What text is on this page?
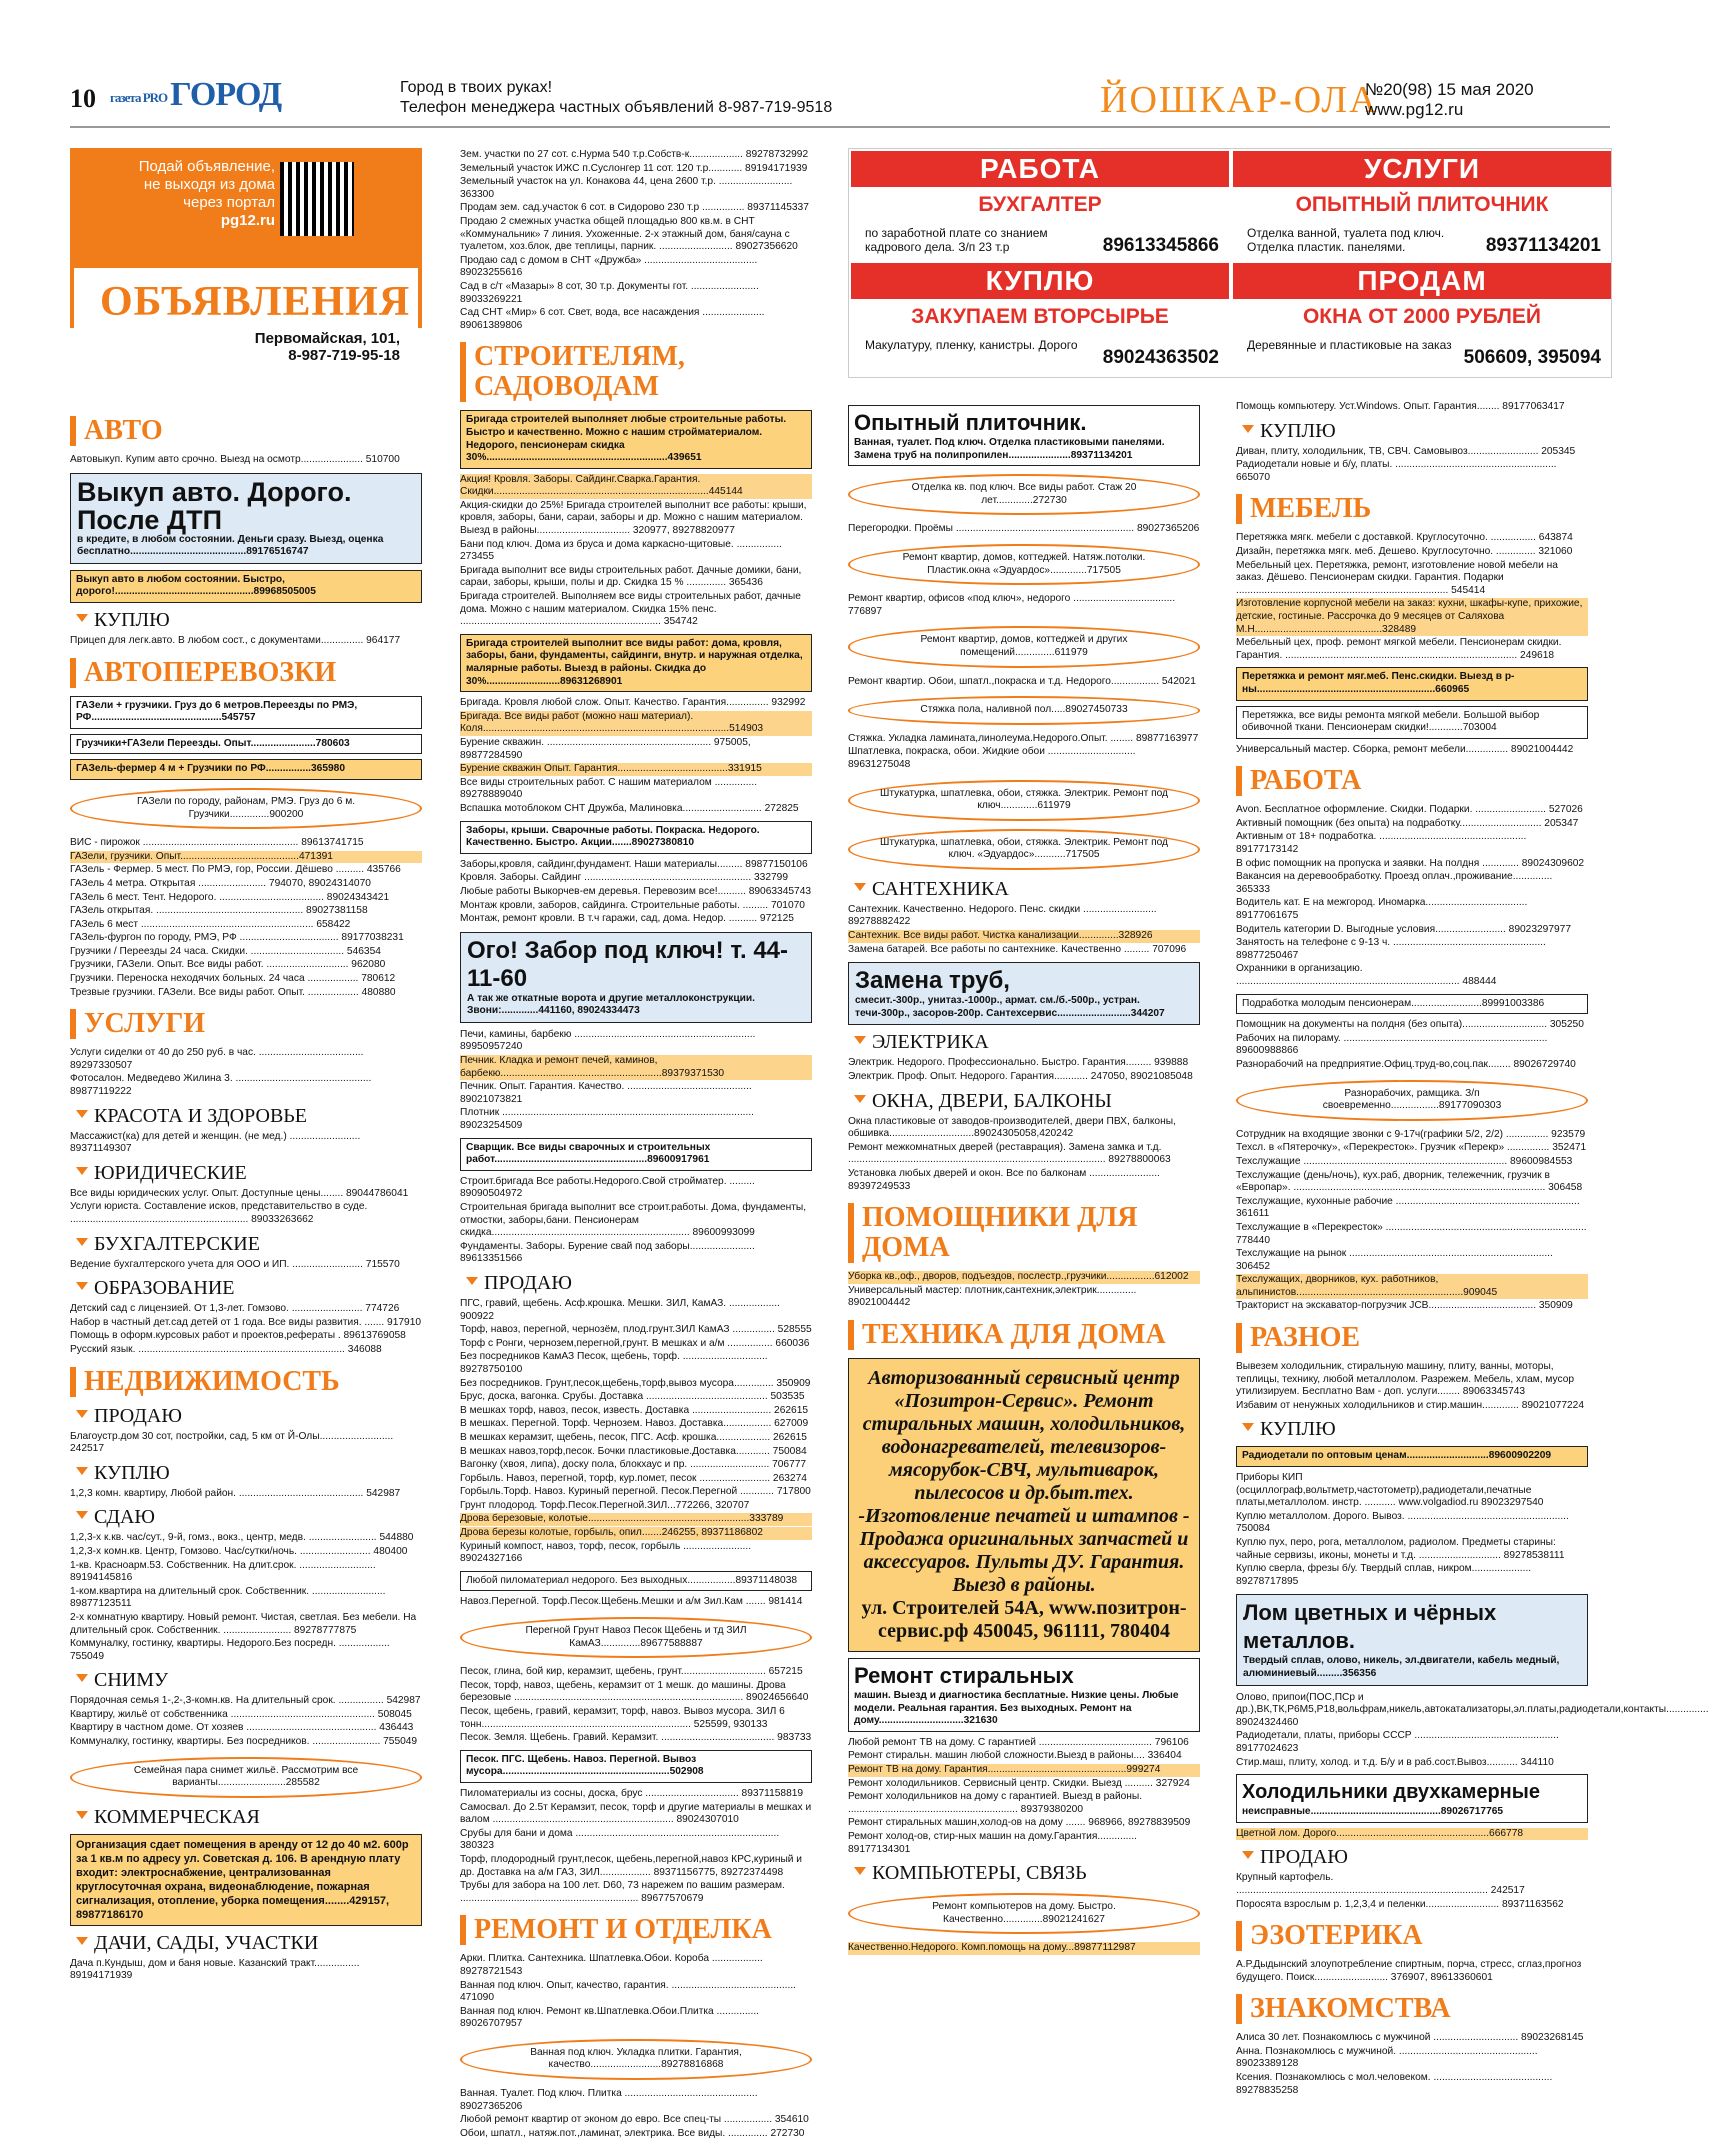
10 газета PROГОРОД	Город в твоих руках!
Телефон менеджера частных объявлений 8-987-719-9518	ЙОШКАР-ОЛА
№20(98) 15 мая 2020
www.pg12.ru
Подай объявление,
не выходя из дома
через портал
pg12.ru
ОБЪЯВЛЕНИЯ
Первомайская, 101,
8-987-719-95-18
АВТО
Автовыкуп. Купим авто срочно. Выезд на осмотр...................... 510700
Выкуп авто. Дорого. После ДТП
в кредите, в любом состоянии. Деньги сразу. Выезд, оценка бесплатно.........................................89176516747
Выкуп авто в любом состоянии. Быстро, дорого!.................................................89968505005
КУПЛЮ
Прицеп для легк.авто. В любом сост., с документами............... 964177
АВТОПЕРЕВОЗКИ
ГАЗели + грузчики. Груз до 6 метров.Переезды по РМЭ, РФ..............................................545757
Грузчики+ГАЗели Переезды. Опыт.......................780603
ГАЗель-фермер 4 м + Грузчики по РФ................365980
ГАЗели по городу, районам, РМЭ. Груз до 6 м. Грузчики..............900200
ВИС - пирожок ....................................................... 89613741715
ГАЗели, грузчики. Опыт..........................................471391
ГАЗель - Фермер. 5 мест. По РМЭ, гор, России. Дёшево .......... 435766
ГАЗель 4 метра. Открытая ........................ 794070, 89024314070
ГАЗель 6 мест. Тент. Недорого. ..................................... 89024343421
ГАЗель открытая. .................................................... 89027381158
ГАЗель 6 мест ............................................................. 658422
ГАЗель-фургон по городу, РМЭ, РФ ................................... 89177038231
Грузчики / Переезды 24 часа. Скидки. ................................. 546354
Грузчики, ГАЗели. Опыт. Все виды работ. ............................. 962080
Грузчики. Переноска неходячих больных. 24 часа .................. 780612
Трезвые грузчики. ГАЗели. Все виды работ. Опыт. .................. 480880
УСЛУГИ
Услуги сиделки от 40 до 250 руб. в час. ..................................... 89297330507
Фотосалон. Медведево Жилина 3. ................................................ 89877119222
КРАСОТА И ЗДОРОВЬЕ
Массажист(ка) для детей и женщин. (не мед.) ......................... 89371149307
ЮРИДИЧЕСКИЕ
Все виды юридических услуг. Опыт. Доступные цены........ 89044786041
Услуги юриста. Составление исков, представительство в суде. ............................................................... 89033263662
БУХГАЛТЕРСКИЕ
Ведение бухгалтерского учета для ООО и ИП. ......................... 715570
ОБРАЗОВАНИЕ
Детский сад с лицензией. От 1,3-лет. Гомзово. ......................... 774726
Набор в частный дет.сад детей от 1 года. Все виды развития. ....... 917910
Помощь в оформ.курсовых работ и проектов,рефераты . 89613769058
Русский язык. ......................................................................... 346088
НЕДВИЖИМОСТЬ
ПРОДАЮ
Благоустр.дом 30 сот, постройки, сад, 5 км от Й-Олы.......................... 242517
КУПЛЮ
1,2,3 комн. квартиру, Любой район. ............................................ 542987
СДАЮ
1,2,3-х к.кв. час/сут., 9-й, гомз., вокз., центр, медв. ........................ 544880
1,2,3-х комн.кв. Центр, Гомзово. Час/сутки/ночь. ......................... 480400
1-кв. Красноарм.53. Собственник. На длит.срок. ........................... 89194145816
1-ком.квартира на длительный срок. Собственник. .......................... 89877123511
2-х комнатную квартиру. Новый ремонт. Чистая, светлая. Без мебели. На длительный срок. Собственник. ........................ 89278777875
Коммуналку, гостинку, квартиры. Недорого.Без посредн. .................. 755049
СНИМУ
Порядочная семья 1-,2-,3-комн.кв. На длительный срок. ................ 542987
Квартиру, жильё от собственника ................................................... 508045
Квартиру в частном доме. От хозяев .............................................. 436443
Коммуналку, гостинку, квартиры. Без посредников. ........................ 755049
Семейная пара снимет жильё. Рассмотрим все варианты........................285582
КОММЕРЧЕСКАЯ
Организация сдает помещения в аренду от 12 до 40 м2. 600р за 1 кв.м по адресу ул. Советская д. 106. В арендную плату входит: электроснабжение, централизованная круглосуточная охрана, видеонаблюдение, пожарная сигнализация, отопление, уборка помещения........429157, 89877186170
ДАЧИ, САДЫ, УЧАСТКИ
Дача п.Кундыш, дом и баня новые. Казанский тракт................ 89194171939
Зем. участки по 27 сот. с.Нурма 540 т.р.Собств-к................... 89278732992
Земельный участок ИЖС п.Суслонгер 11 сот. 120 т.р............ 89194171939
Земельный участок на ул. Конакова 44, цена 2600 т.р. .......................... 363300
Продам зем. сад.участок 6 сот. в Сидорово 230 т.р ............... 89371145337
Продаю 2 смежных участка общей площадью 800 кв.м. в СНТ «Коммунальник» 7 линия. Ухоженные. 2-х этажный дом, баня/сауна с туалетом, хоз.блок, две теплицы, парник. .......................... 89027356620
Продаю сад с домом в СНТ «Дружба» ........................................ 89023255616
Сад в с/т «Мазары» 8 сот, 30 т.р. Документы гот. ........................ 89033269221
Сад СНТ «Мир» 6 сот. Свет, вода, все насаждения ...................... 89061389806
СТРОИТЕЛЯМ, САДОВОДАМ
Бригада строителей выполняет любые строительные работы. Быстро и качественно. Можно с нашим стройматериалом. Недорого, пенсионерам скидка 30%................................................................439651
Акция! Кровля. Заборы. Сайдинг.Сварка.Гарантия. Скидки............................................................................445144
Акция-скидки до 25%! Бригада строителей выполнит все работы: крыши, кровля, заборы, бани, сараи, заборы и др. Можно с нашим материалом. Выезд в районы................................. 320977, 89278820977
Бани под ключ. Дома из бруса и дома каркасно-щитовые. ................ 273455
Бригада выполнит все виды строительных работ. Дачные домики, бани, сараи, заборы, крыши, полы и др. Скидка 15 % .............. 365436
Бригада строителей. Выполняем все виды строительных работ, дачные дома. Можно с нашим материалом. Скидка 15% пенс. ....................................................................... 354742
Бригада строителей выполнит все виды работ: дома, кровля, заборы, бани, фундаменты, сайдинги, внутр. и наружная отделка, малярные работы. Выезд в районы. Скидка до 30%..........................89631268901
Бригада. Кровля любой слож. Опыт. Качество. Гарантия............... 932992
Бригада. Все виды работ (можно наш материал). Коля.......................................................................................514903
Бурение скважин. .......................................................... 975005, 89877284590
Бурение скважин Опыт. Гарантия.......................................331915
Все виды строительных работ. С нашим материалом ............... 89278889040
Вспашка мотоблоком СНТ Дружба, Малиновка............................ 272825
Заборы, крыши. Сварочные работы. Покраска. Недорого. Качественно. Быстро. Акции.......89027380810
Заборы,кровля, сайдинг,фундамент. Наши материалы......... 89877150106
Кровля. Заборы. Сайдинг ........................................................... 332799
Любые работы Выкорчев-ем деревья. Перевозим все!.......... 89063345743
Монтаж кровли, заборов, сайдинга. Строительные работы. ......... 701070
Монтаж, ремонт кровли. В т.ч гаражи, сад, дома. Недор. .......... 972125
Ого! Забор под ключ! т. 44-11-60
А так же откатные ворота и другие металлоконструкции. Звони:.............441160, 89024334473
Печи, камины, барбекю ................................................................ 89950957240
Печник. Кладка и ремонт печей, каминов, барбекю.........................................................89379371530
Печник. Опыт. Гарантия. Качество. ............................................ 89021073821
Плотник ......................................................................................... 89023254509
Сварщик. Все виды сварочных и строительных работ......................................................89600917961
Строит.бригада Все работы.Недорого.Свой стройматер. ......... 89090504972
Строительная бригада выполнит все строит.работы. Дома, фундаменты, отмостки, заборы,бани. Пенсионерам скидка...................................................................... 89600993099
Фундаменты. Заборы. Бурение свай под заборы....................... 89613351566
ПРОДАЮ
ПГС, гравий, щебень. Асф.крошка. Мешки. ЗИЛ, КамАЗ. .................. 900922
Торф, навоз, перегной, чернозём, плод.грунт.ЗИЛ КамАЗ ............... 528555
Торф с Ронги, чернозем,перегной,грунт. В мешках и а/м ................ 660036
Без посредников КамАЗ Песок, щебень, торф. .............................. 89278750100
Без посредников. Грунт,песок,щебень,торф,вывоз мусора.............. 350909
Брус, доска, вагонка. Срубы. Доставка ........................................... 503535
В мешках торф, навоз, песок, известь. Доставка ............................ 262615
В мешках. Перегной. Торф. Чернозем. Навоз. Доставка................. 627009
В мешках керамзит, щебень, песок, ПГС. Асф. крошка................... 262615
В мешках навоз,торф,песок. Бочки пластиковые.Доставка............ 750084
Вагонку (хвоя, липа), доску пола, блокхаус и пр. ............................ 706777
Горбыль. Навоз, перегной, торф, кур.помет, песок ......................... 263274
Горбыль.Торф. Навоз. Куриный перегной. Песок.Перегной ............ 717800
Грунт плодород. Торф.Песок.Перегной.ЗИЛ...772266, 320707
Дрова березовые, колотые.........................................................333789
Дрова березы колотые, горбыль, опил.......246255, 89371186802
Куриный компост, навоз, торф, песок, горбыль ........................ 89024327166
Любой пиломатериал недорого. Без выходных.................89371148038
Навоз.Перегной. Торф.Песок.Щебень.Мешки и а/м Зил.Кам ....... 981414
Перегной Грунт Навоз Песок Щебень и тд ЗИЛ КамАЗ..............89677588887
Песок, глина, бой кир, керамзит, щебень, грунт.............................. 657215
Песок, торф, навоз, щебень, керамзит от 1 мешк. до машины. Дрова березовые ................................................................................. 89024656640
Песок, щебень, гравий, керамзит, торф, навоз. Вывоз мусора. ЗИЛ 6 тонн.......................................................................... 525599, 930133
Песок. Земля. Щебень. Гравий. Керамзит. ........................................ 983733
Песок. ПГС. Щебень. Навоз. Перегной. Вывоз мусора...........................................................502908
Пиломатериалы из сосны, доска, брус ................................. 89371158819
Самосвал. До 2.5т Керамзит, песок, торф и другие материалы в мешках и валом ................................................................ 89024307010
Срубы для бани и дома ........................................................................ 380323
Торф, плодородный грунт,песок, щебень,перегной,навоз КРС,куриный и др. Доставка на а/м ГАЗ, ЗИЛ.................. 89371156775, 89272374498
Трубы для забора на 100 лет. D60, 73 нарежем по вашим размерам. ............................................................... 89677570679
РЕМОНТ И ОТДЕЛКА
Арки. Плитка. Сантехника. Шпатлевка.Обои. Короба .................. 89278721543
Ванная под ключ. Опыт, качество, гарантия. ............................................ 471090
Ванная под ключ. Ремонт кв.Шпатлевка.Обои.Плитка ............... 89026707957
Ванная под ключ. Укладка плитки. Гарантия, качество.........................89278816868
Ванная. Туалет. Под ключ. Плитка ............................................... 89027365206
Любой ремонт квартир от эконом до евро. Все спец-ты ................. 354610
Обои, шпатл., натяж.пот.,ламинат, электрика. Все виды. .............. 272730
РАБОТА
БУХГАЛТЕР
по заработной плате со знанием кадрового дела. З/п 23 т.р	89613345866
УСЛУГИ
ОПЫТНЫЙ ПЛИТОЧНИК
Отделка ванной, туалета под ключ. Отделка пластик. панелями.	89371134201
КУПЛЮ
ЗАКУПАЕМ ВТОРСЫРЬЕ
Макулатуру, пленку, канистры. Дорого
89024363502
ПРОДАМ
ОКНА ОТ 2000 РУБЛЕЙ
Деревянные и пластиковые на заказ
506609, 395094
Опытный плиточник.
Ванная, туалет. Под ключ. Отделка пластиковыми панелями. Замена труб на полипропилен......................89371134201
Отделка кв. под ключ. Все виды работ. Стаж 20 лет.............272730
Перегородки. Проёмы ............................................................... 89027365206
Ремонт квартир, домов, коттеджей. Натяж.потолки. Пластик.окна «Эдуардос».............717505
Ремонт квартир, офисов «под ключ», недорого .................................... 776897
Ремонт квартир, домов, коттеджей и других помещений..............611979
Ремонт квартир. Обои, шпатл.,покраска и т.д. Недорого................. 542021
Стяжка пола, наливной пол.....89027450733
Стяжка. Укладка ламината,линолеума.Недорого.Опыт. ........ 89877163977
Шпатлевка, покраска, обои. Жидкие обои ............................... 89631275048
Штукатурка, шпатлевка, обои, стяжка. Электрик. Ремонт под ключ.............611979
Штукатурка, шпатлевка, обои, стяжка. Электрик. Ремонт под ключ. «Эдуардос»...........717505
САНТЕХНИКА
Сантехник. Качественно. Недорого. Пенс. скидки .......................... 89278882422
Сантехник. Все виды работ. Чистка канализации..............328926
Замена батарей. Все работы по сантехнике. Качественно ......... 707096
Замена труб,
смесит.-300р., унитаз.-1000р., армат. см./б.-500р., устран. течи-300р., засоров-200р. Сантехсервис..........................344207
ЭЛЕКТРИКА
Электрик. Недорого. Профессионально. Быстро. Гарантия......... 939888
Электрик. Проф. Опыт. Недорого. Гарантия............ 247050, 89021085048
ОКНА, ДВЕРИ, БАЛКОНЫ
Окна пластиковые от заводов-производителей, двери ПВХ, балконы, обшивка..............................89024305058,420242
Ремонт межкомнатных дверей (реставрация). Замена замка и т.д. ........................................................................................... 89278800063
Установка любых дверей и окон. Все по балконам ......................... 89397249533
ПОМОЩНИКИ ДЛЯ ДОМА
Уборка кв.,оф., дворов, подъездов, послестр.,грузчики.................612002
Универсальный мастер: плотник,сантехник,электрик.............. 89021004442
ТЕХНИКА ДЛЯ ДОМА
Авторизованный сервисный центр «Позитрон-Сервис». Ремонт стиральных машин, холодильников, водонагревателей, телевизоров-мясорубок-СВЧ, мультиварок, пылесосов и др.быт.тех. -Изготовление печатей и штампов - Продажа оригинальных запчастей и аксессуаров. Пульты ДУ. Гарантия. Выезд в районы.
ул. Строителей 54А, www.позитрон-сервис.рф 450045, 961111, 780404
Ремонт стиральных
машин. Выезд и диагностика бесплатные. Низкие цены. Любые модели. Реальная гарантия. Без выходных. Ремонт на дому..............................321630
Любой ремонт ТВ на дому. С гарантией ........................................ 796106
Ремонт стиральн. машин любой сложности.Выезд в районы.... 336404
Ремонт ТВ на дому. Гарантия.................................................999274
Ремонт холодильников. Сервисный центр. Скидки. Выезд .......... 327924
Ремонт холодильников на дому с гарантией. Выезд в районы. ............................................................ 89379380200
Ремонт стиральных машин,холод-ов на дому ....... 968966, 89278839509
Ремонт холод-ов, стир-ных машин на дому.Гарантия.............. 89177134301
КОМПЬЮТЕРЫ, СВЯЗЬ
Ремонт компьютеров на дому. Быстро. Качественно..............89021241627
Качественно.Недорого. Комп.помощь на дому...89877112987
Помощь компьютеру. Уст.Windows. Опыт. Гарантия........ 89177063417
КУПЛЮ
Диван, плиту, холодильник, ТВ, СВЧ. Самовывоз......................... 205345
Радиодетали новые и б/у, платы. ......................................................... 665070
МЕБЕЛЬ
Перетяжка мягк. мебели с доставкой. Круглосуточно. ................ 643874
Дизайн, перетяжка мягк. меб. Дешево. Круглосуточно. .............. 321060
Мебельный цех. Перетяжка, ремонт, изготовление новой мебели на заказ. Дёшево. Пенсионерам скидки. Гарантия. Подарки ........................................................................... 545414
Изготовление корпусной мебели на заказ: кухни, шкафы-купе, прихожие, детские, гостиные. Рассрочка до 9 месяцев от Саляхова М.Н.............................................328489
Мебельный цех, проф. ремонт мягкой мебели. Пенсионерам скидки. Гарантия. .................................................................................. 249618
Перетяжка и ремонт мяг.меб. Пенс.скидки. Выезд в р-ны...............................................................660965
Перетяжка, все виды ремонта мягкой мебели. Большой выбор обивочной ткани. Пенсионерам скидки!............703004
Универсальный мастер. Сборка, ремонт мебели............... 89021004442
РАБОТА
Avon. Бесплатное оформление. Скидки. Подарки. ......................... 527026
Активный помощник (без опыта) на подработку............................. 205347
Активным от 18+ подработка. .................................................... 89177173142
В офис помощник на пропуска и заявки. На полдня ............. 89024309602
Вакансия на деревообработку. Проезд оплач.,проживание.............. 365333
Водитель кат. Е на межгород. Иномарка.................................... 89177061675
Водитель категории D. Выгодные условия......................... 89023297977
Занятость на телефоне с 9-13 ч. ...................................................... 89877250467
Охранники в организацию. ............................................................................... 488444
Подработка молодым пенсионерам.........................89991003386
Помощник на документы на полдня (без опыта).............................. 305250
Рабочих на пилораму. ........................................................................ 89600988866
Разнорабочий на предприятие.Офиц.труд-во,соц.пак........ 89026729740
Разнорабочих, рамщика. З/п своевременно.................89177090303
Сотрудник на входящие звонки с 9-17ч(графики 5/2, 2/2) ............... 923579
Техсл. в «Пятерочку», «Перекресток». Грузчик «Перекр» ............... 352471
Техслужащие ........................................................................ 89600984553
Техслужащие (день/ночь), кух.раб, дворник, тележечник, грузчик в «Европар». ......................................................................................... 306458
Техслужащие, кухонные рабочие ................................................................. 361611
Техслужащие в «Перекресток» ....................................................................... 778440
Техслужащие на рынок ........................................................................ 306452
Техслужащих, дворников, кух. работников, альпинистов...........................................................909045
Тракторист на экскаватор-погрузчик JCB...................................... 350909
РАЗНОЕ
Вывезем холодильник, стиральную машину, плиту, ванны, моторы, теплицы, технику, любой металлолом. Разрежем. Мебель, хлам, мусор утилизируем. Бесплатно Вам - доп. услуги........ 89063345743
Избавим от ненужных холодильников и стир.машин............. 89021077224
КУПЛЮ
Радиодетали по оптовым ценам.............................89600902209
Приборы КИП (осциллограф,вольтметр,частотометр),радиодетали,печатные платы,металлолом. инстр. ........... www.volgadiod.ru 89023297540
Куплю металлолом. Дорого. Вывоз. ......................................................... 750084
Куплю пух, перо, рога, металлолом, радиолом. Предметы старины: чайные сервизы, иконы, монеты и т.д. ............................. 89278538111
Куплю сверла, фрезы б/у. Твердый сплав, никром..................... 89278717895
Лом цветных и чёрных металлов.
Твердый сплав, олово, никель, эл.двигатели, кабель медный, алюминиевый.........356356
Олово, припои(ПОС,ПСр и др.),ВК,ТК,Р6М5,Р18,вольфрам,никель,автокатализаторы,эл.платы,радиодетали,контакты............... 89024324460
Радиодетали, платы, приборы СССР ................................................... 89177024623
Стир.маш, плиту, холод. и т.д. Б/у и в раб.сост.Вывоз........... 344110
Холодильники двухкамерные
неисправные..............................................89026717765
Цветной лом. Дорого......................................................666778
ПРОДАЮ
Крупный картофель. ......................................................................................... 242517
Поросята взрослым р. 1,2,3,4 и пеленки.......................... 89371163562
ЭЗОТЕРИКА
А.Р.Дыдынский злоупотребление спиртным, порча, стресс, сглаз,прогноз будущего. Поиск.......................... 376907, 89613360601
ЗНАКОМСТВА
Алиса 30 лет. Познакомлюсь с мужчиной .............................. 89023268145
Анна. Познакомлюсь с мужчиной. ................................................. 89023389128
Ксения. Познакомлюсь с мол.человеком. .......................................... 89278835258
